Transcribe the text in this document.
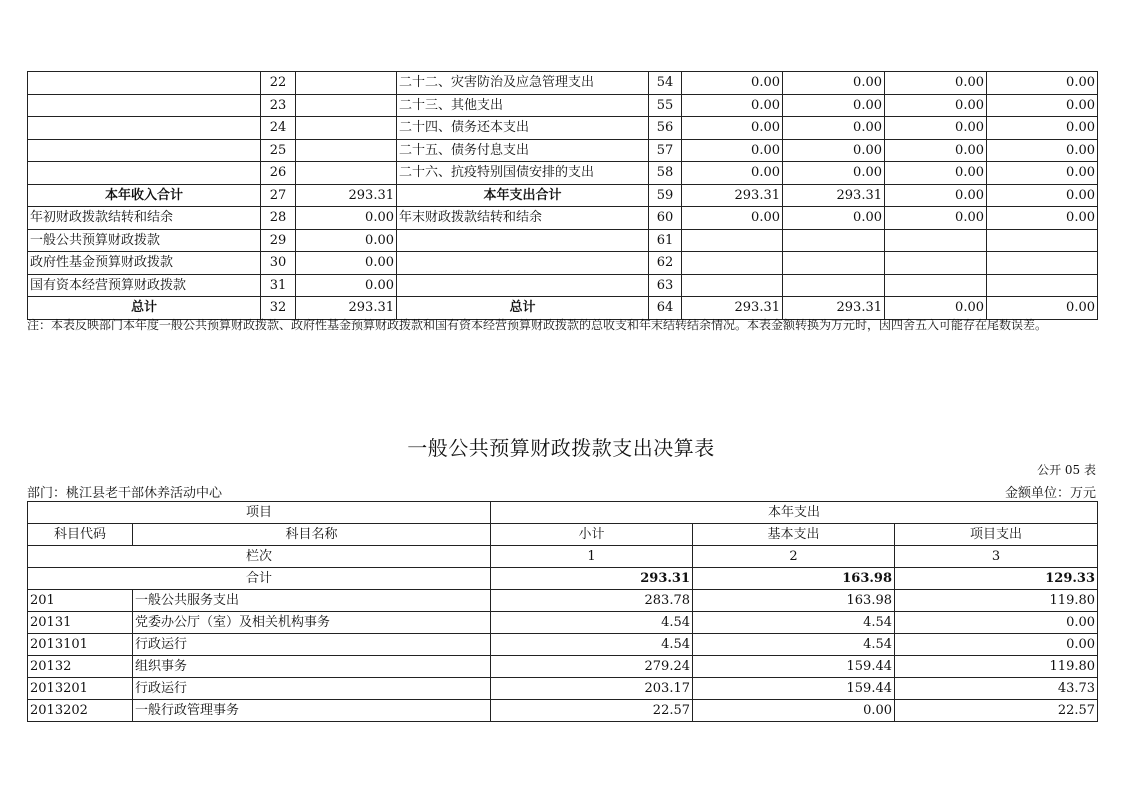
	22		二十二、灾害防治及应急管理支出	54	0.00	0.00	0.00	0.00
	23		二十三、其他支出	55	0.00	0.00	0.00	0.00
	24		二十四、债务还本支出	56	0.00	0.00	0.00	0.00
	25		二十五、债务付息支出	57	0.00	0.00	0.00	0.00
	26		二十六、抗疫特别国债安排的支出	58	0.00	0.00	0.00	0.00
本年收入合计	27	293.31	本年支出合计	59	293.31	293.31	0.00	0.00
年初财政拨款结转和结余	28	0.00	年末财政拨款结转和结余	60	0.00	0.00	0.00	0.00
一般公共预算财政拨款	29	0.00		61				
政府性基金预算财政拨款	30	0.00		62				
国有资本经营预算财政拨款	31	0.00		63				
总计	32	293.31	总计	64	293.31	293.31	0.00	0.00
注：本表反映部门本年度一般公共预算财政拨款、政府性基金预算财政拨款和国有资本经营预算财政拨款的总收支和年末结转结余情况。本表金额转换为万元时，因四舍五入可能存在尾数误差。
一般公共预算财政拨款支出决算表
公开 05 表
部门：桃江县老干部休养活动中心	金额单位：万元
项目		本年支出		
科目代码	科目名称	小计	基本支出	项目支出
栏次		1	2	3
合计		293.31	163.98	129.33
201	一般公共服务支出	283.78	163.98	119.80
20131	党委办公厅（室）及相关机构事务	4.54	4.54	0.00
2013101	行政运行	4.54	4.54	0.00
20132	组织事务	279.24	159.44	119.80
2013201	行政运行	203.17	159.44	43.73
2013202	一般行政管理事务	22.57	0.00	22.57
